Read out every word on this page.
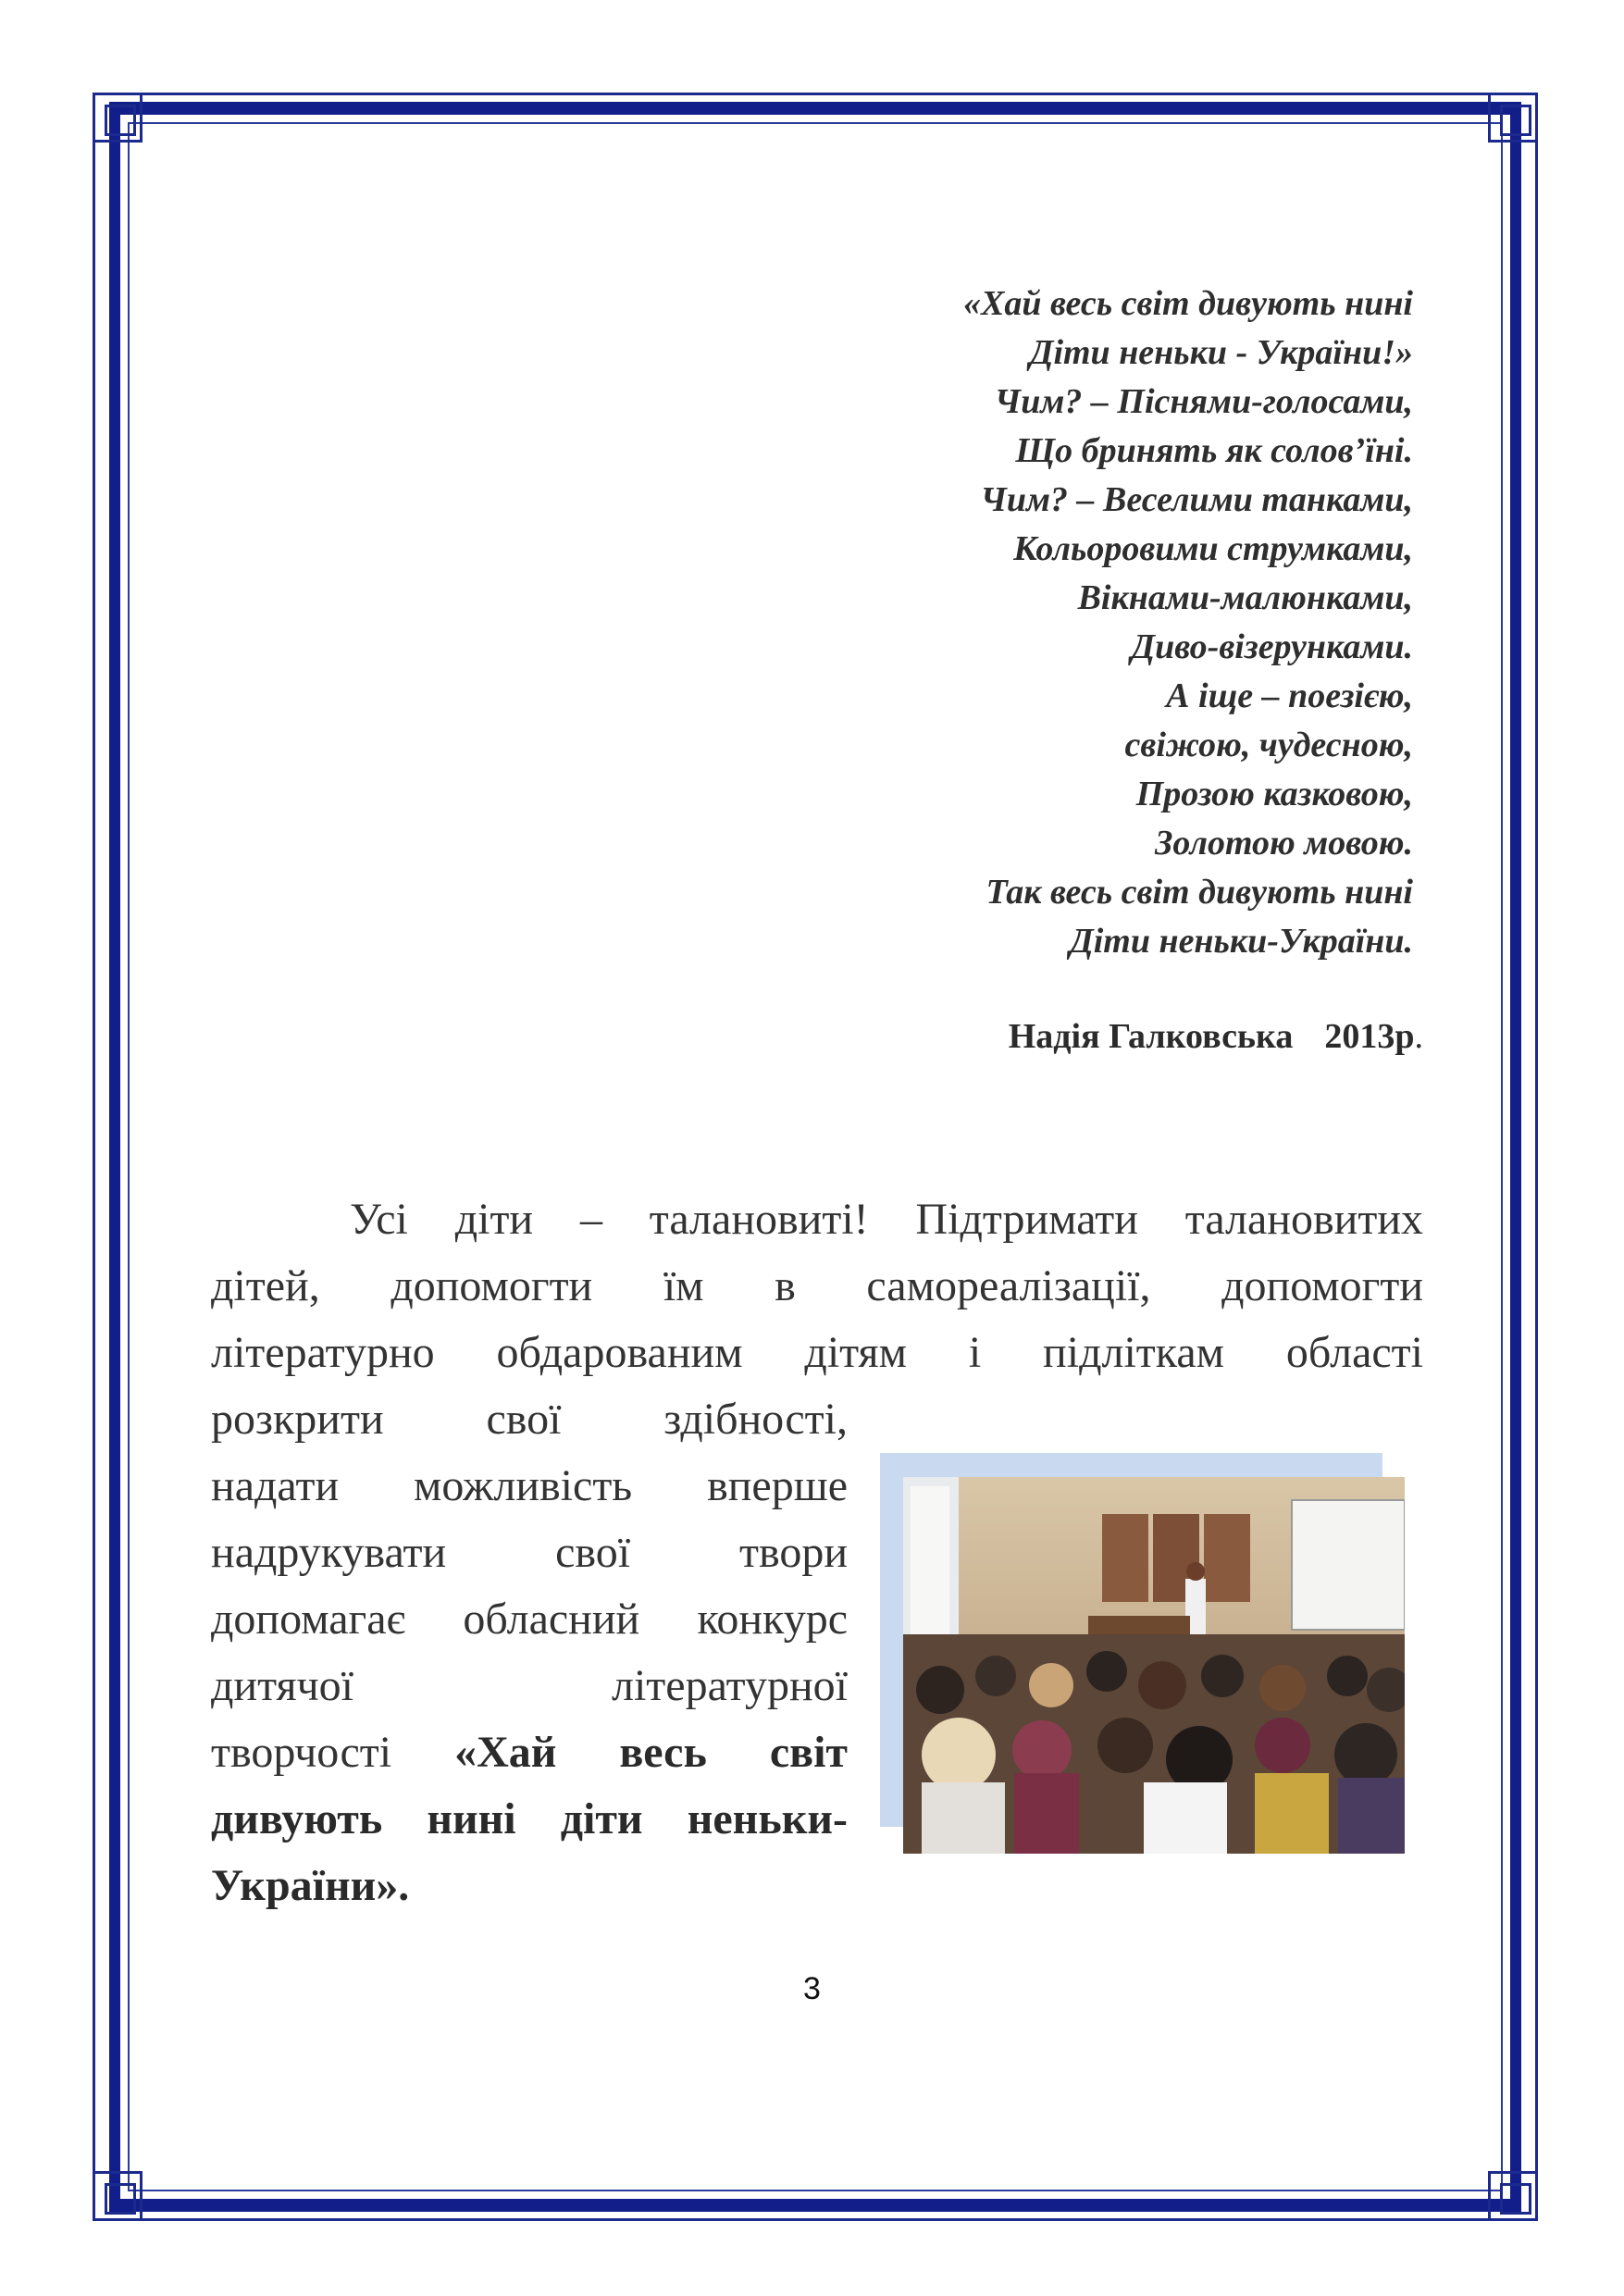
«Хай весь світ дивують нині
Діти неньки - України!»
Чим? – Піснями-голосами,
Що бринять як солов’їні.
Чим? – Веселими танками,
Кольоровими струмками,
Вікнами-малюнками,
Диво-візерунками.
А іще – поезією,
свіжою, чудесною,
Прозою казковою,
Золотою мовою.
Так весь світ дивують нині
Діти неньки-України.
Надія Галковська 2013р.
Усі діти – талановиті! Підтримати талановитих
дітей, допомогти їм в самореалізації, допомогти
літературно обдарованим дітям і підліткам області
розкрити свої здібності,
надати можливість вперше
надрукувати свої твори
допомагає обласний конкурс
дитячої літературної
творчості «Хай весь світ
дивують нині діти неньки-
України».
3
